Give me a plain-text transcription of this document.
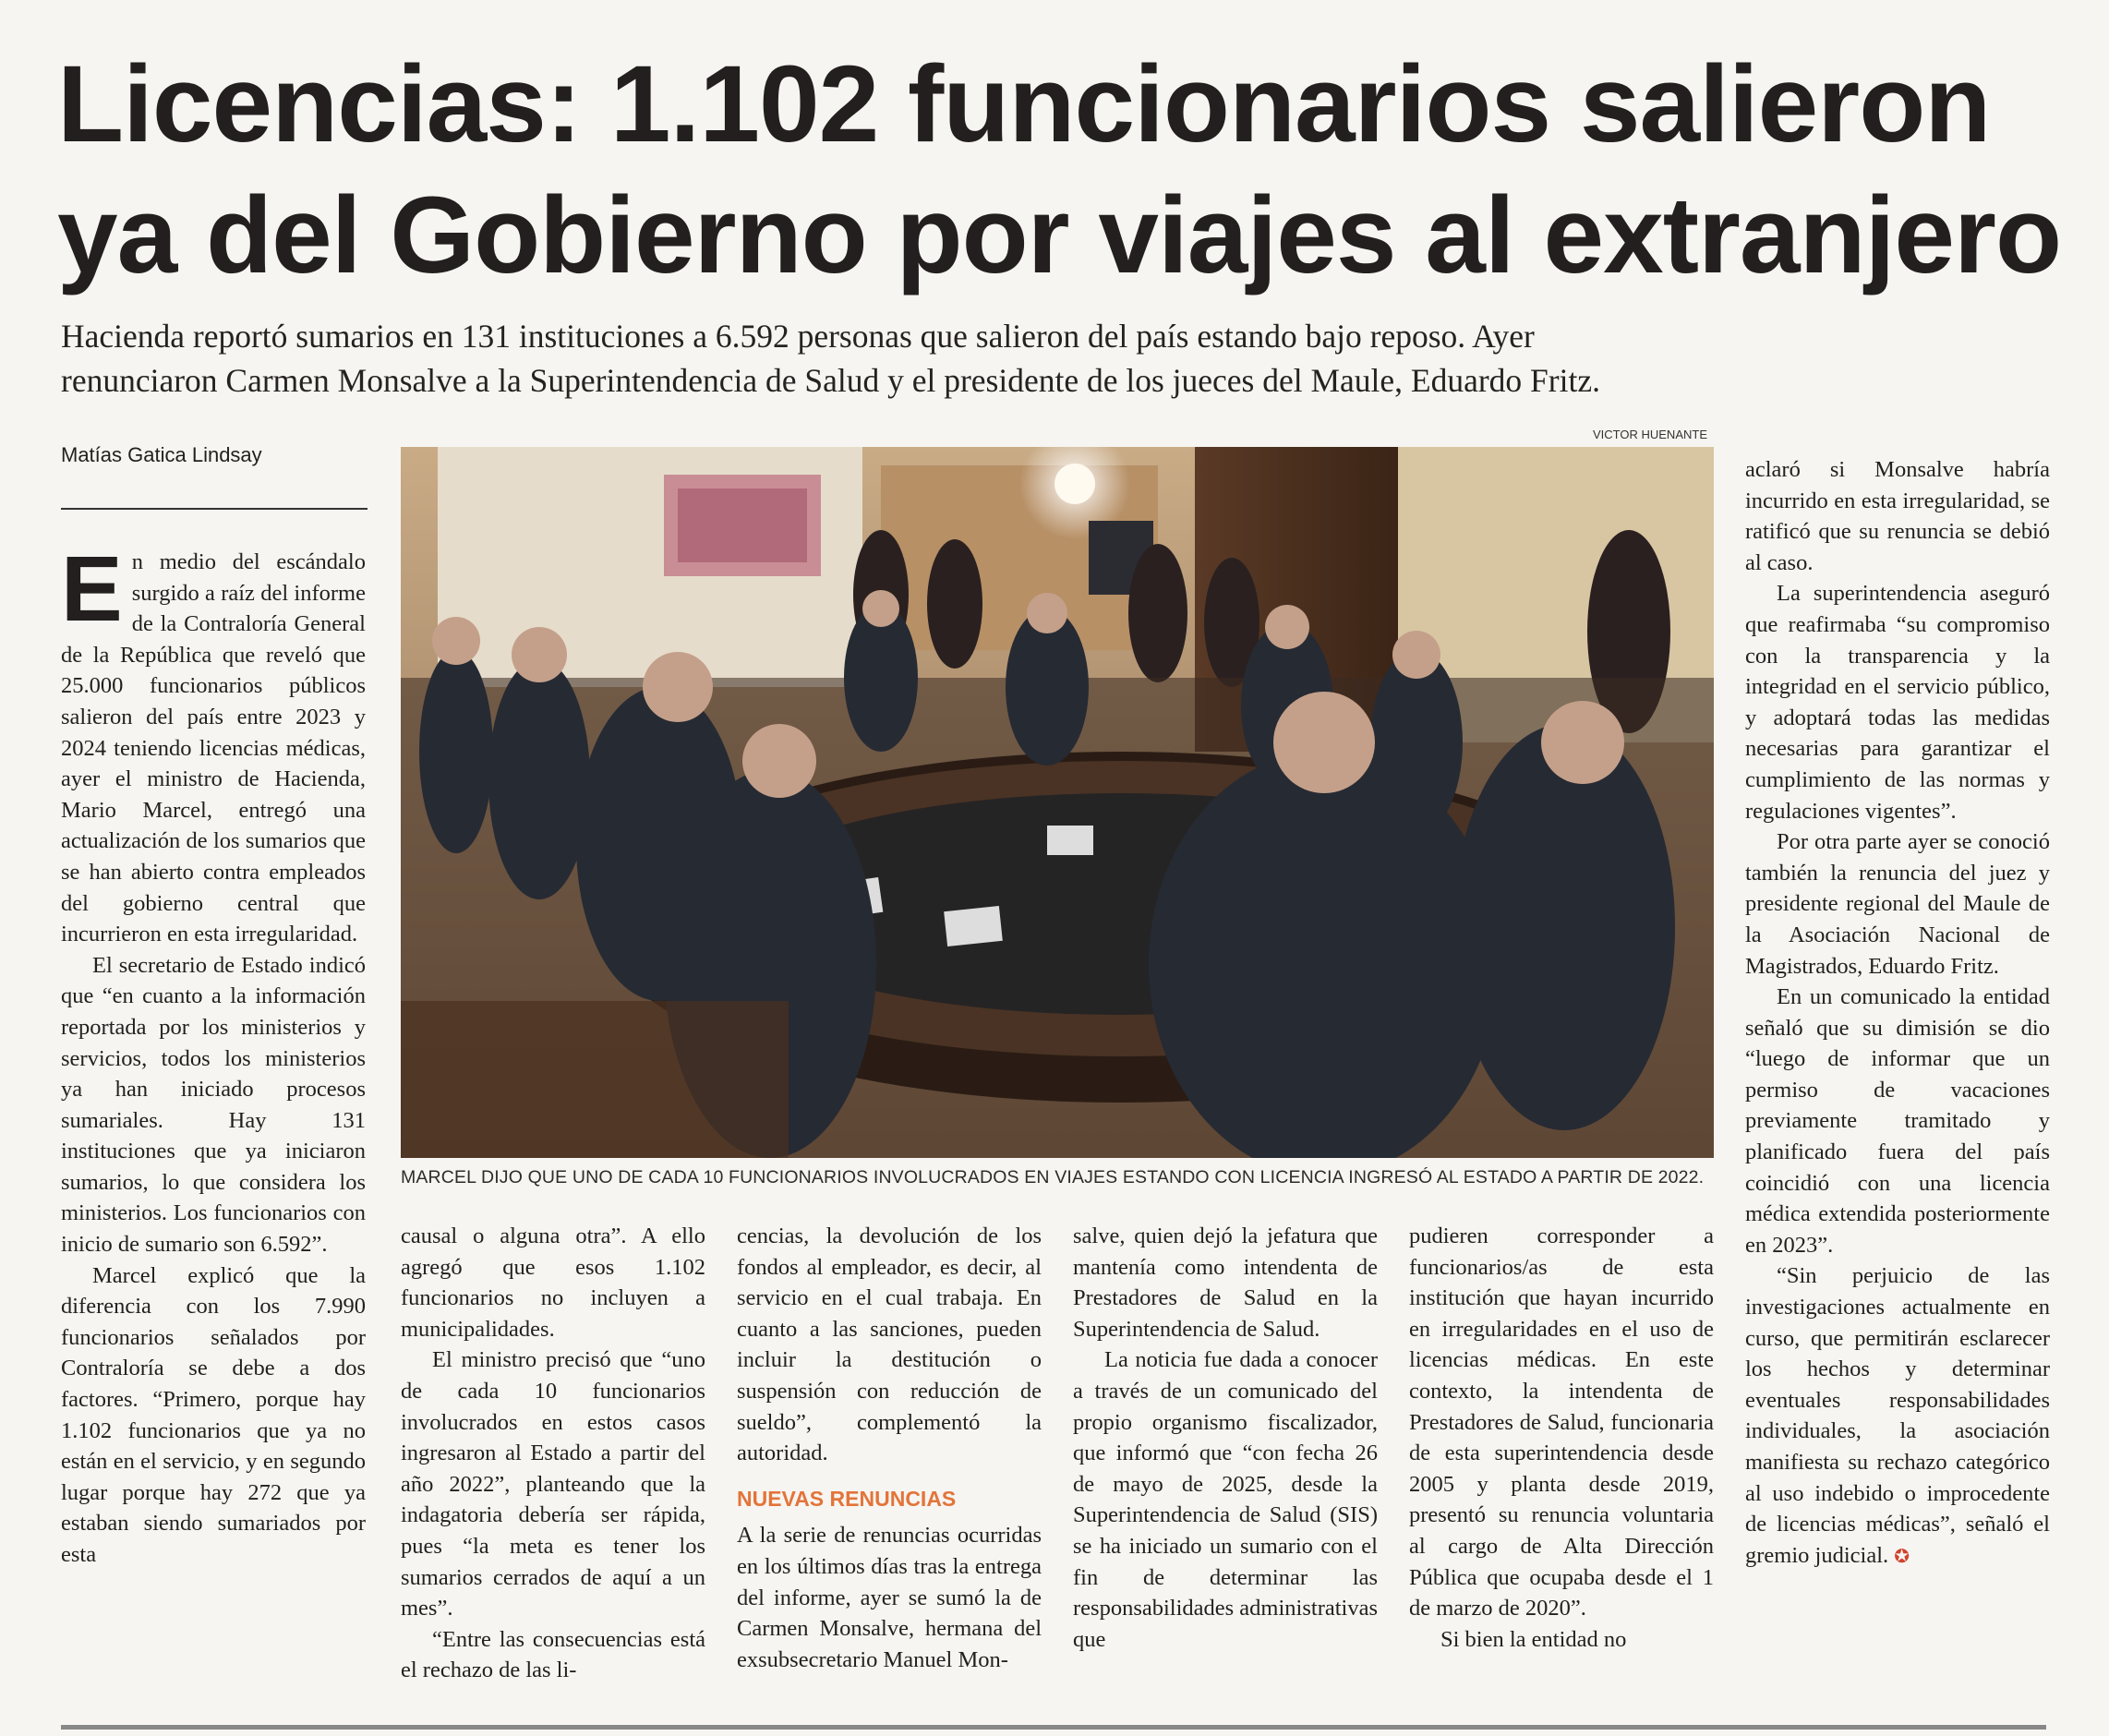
Licencias: 1.102 funcionarios salieron
ya del Gobierno por viajes al extranjero
Hacienda reportó sumarios en 131 instituciones a 6.592 personas que salieron del país estando bajo reposo. Ayer
renunciaron Carmen Monsalve a la Superintendencia de Salud y el presidente de los jueces del Maule, Eduardo Fritz.
Matías Gatica Lindsay
VICTOR HUENANTE
MARCEL DIJO QUE UNO DE CADA 10 FUNCIONARIOS INVOLUCRADOS EN VIAJES ESTANDO CON LICENCIA INGRESÓ AL ESTADO A PARTIR DE 2022.

En medio del escándalo surgido a raíz del informe de la Contraloría General de la República que reveló que 25.000 funcionarios públicos salieron del país entre 2023 y 2024 teniendo licencias médicas, ayer el ministro de Hacienda, Mario Marcel, entregó una actualización de los sumarios que se han abierto contra empleados del gobierno central que incurrieron en esta irregularidad.

El secretario de Estado indicó que “en cuanto a la información reportada por los ministerios y servicios, todos los ministerios ya han iniciado procesos sumariales. Hay 131 instituciones que ya iniciaron sumarios, lo que considera los ministerios. Los funcionarios con inicio de sumario son 6.592”.

Marcel explicó que la diferencia con los 7.990 funcionarios señalados por Contraloría se debe a dos factores. “Primero, porque hay 1.102 funcionarios que ya no están en el servicio, y en segundo lugar porque hay 272 que ya estaban siendo sumariados por esta

causal o alguna otra”. A ello agregó que esos 1.102 funcionarios no incluyen a municipalidades.

El ministro precisó que “uno de cada 10 funcionarios involucrados en estos casos ingresaron al Estado a partir del año 2022”, planteando que la indagatoria debería ser rápida, pues “la meta es tener los sumarios cerrados de aquí a un mes”.

“Entre las consecuencias está el rechazo de las li-

cencias, la devolución de los fondos al empleador, es decir, al servicio en el cual trabaja. En cuanto a las sanciones, pueden incluir la destitución o suspensión con reducción de sueldo”, complementó la autoridad.

NUEVAS RENUNCIAS

A la serie de renuncias ocurridas en los últimos días tras la entrega del informe, ayer se sumó la de Carmen Monsalve, hermana del exsubsecretario Manuel Mon-

salve, quien dejó la jefatura que mantenía como intendenta de Prestadores de Salud en la Superintendencia de Salud.

La noticia fue dada a conocer a través de un comunicado del propio organismo fiscalizador, que informó que “con fecha 26 de mayo de 2025, desde la Superintendencia de Salud (SIS) se ha iniciado un sumario con el fin de determinar las responsabilidades administrativas que

pudieren corresponder a funcionarios/as de esta institución que hayan incurrido en irregularidades en el uso de licencias médicas. En este contexto, la intendenta de Prestadores de Salud, funcionaria de esta superintendencia desde 2005 y planta desde 2019, presentó su renuncia voluntaria al cargo de Alta Dirección Pública que ocupaba desde el 1 de marzo de 2020”.

Si bien la entidad no

aclaró si Monsalve habría incurrido en esta irregularidad, se ratificó que su renuncia se debió al caso.

La superintendencia aseguró que reafirmaba “su compromiso con la transparencia y la integridad en el servicio público, y adoptará todas las medidas necesarias para garantizar el cumplimiento de las normas y regulaciones vigentes”.

Por otra parte ayer se conoció también la renuncia del juez y presidente regional del Maule de la Asociación Nacional de Magistrados, Eduardo Fritz.

En un comunicado la entidad señaló que su dimisión se dio “luego de informar que un permiso de vacaciones previamente tramitado y planificado fuera del país coincidió con una licencia médica extendida posteriormente en 2023”.

“Sin perjuicio de las investigaciones actualmente en curso, que permitirán esclarecer los hechos y determinar eventuales responsabilidades individuales, la asociación manifiesta su rechazo categórico al uso indebido o improcedente de licencias médicas”, señaló el gremio judicial. ✪
